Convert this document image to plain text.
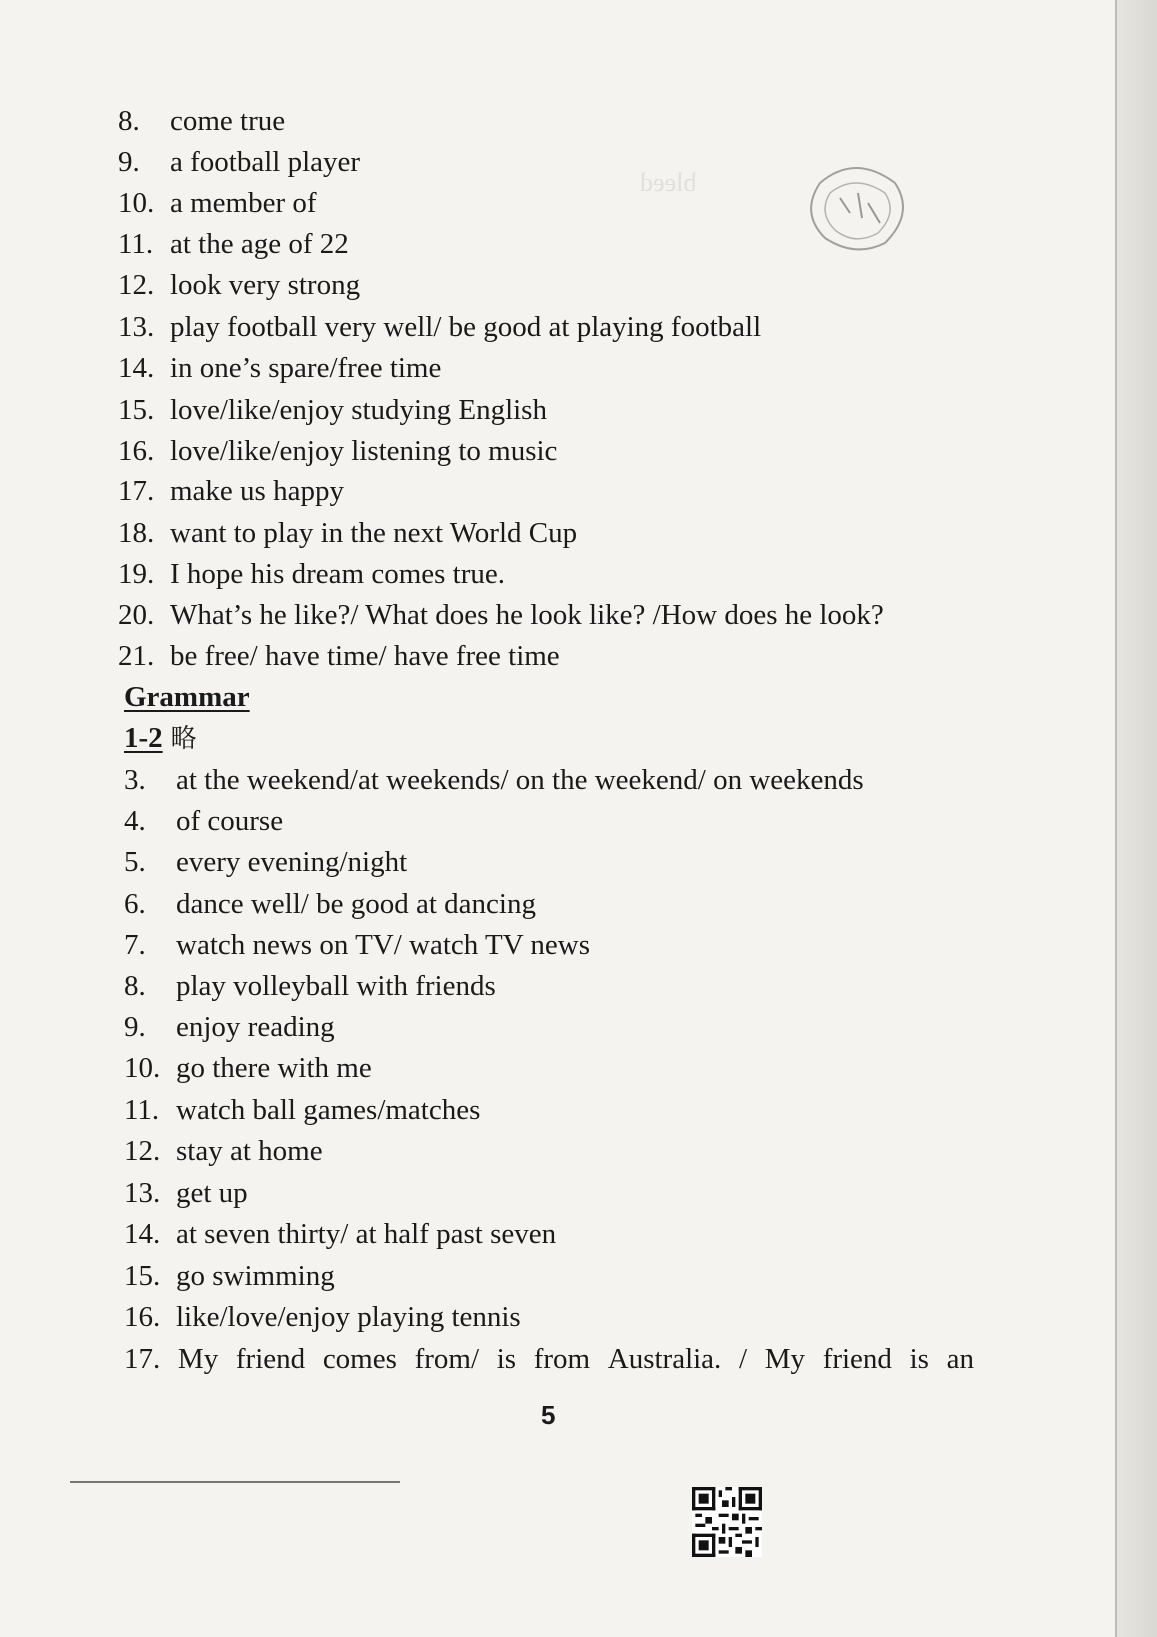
bleed
8. come true
9. a football player
10. a member of
11. at the age of 22
12. look very strong
13. play football very well/ be good at playing football
14. in one’s spare/free time
15. love/like/enjoy studying English
16. love/like/enjoy listening to music
17. make us happy
18. want to play in the next World Cup
19. I hope his dream comes true.
20. What’s he like?/ What does he look like? /How does he look?
21. be free/ have time/ have free time
Grammar
1-2 略
3. at the weekend/at weekends/ on the weekend/ on weekends
4. of course
5. every evening/night
6. dance well/ be good at dancing
7. watch news on TV/ watch TV news
8. play volleyball with friends
9. enjoy reading
10. go there with me
11. watch ball games/matches
12. stay at home
13. get up
14. at seven thirty/ at half past seven
15. go swimming
16. like/love/enjoy playing tennis
17. My friend comes from/ is from Australia. / My friend is an
5
